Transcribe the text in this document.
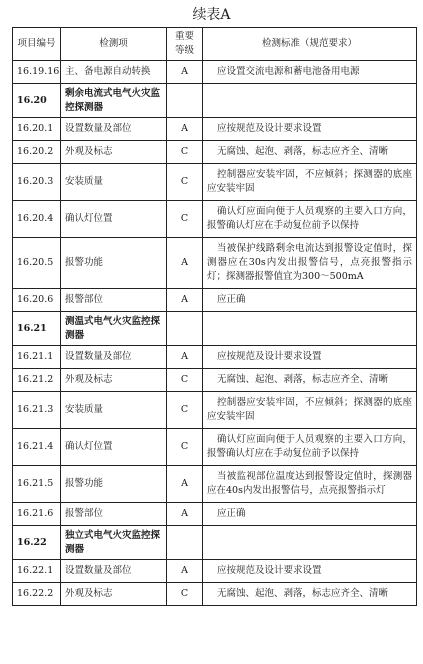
续表A
项目编号	检测项	重要等级	检测标准（规范要求）
16.19.16	主、备电源自动转换	A	应设置交流电源和蓄电池备用电源
16.20	剩余电流式电气火灾监控探测器		
16.20.1	设置数量及部位	A	应按规范及设计要求设置
16.20.2	外观及标志	C	无腐蚀、起泡、剥落，标志应齐全、清晰
16.20.3	安装质量	C	控制器应安装牢固，不应倾斜；探测器的底座应安装牢固
16.20.4	确认灯位置	C	确认灯应面向便于人员观察的主要入口方向，报警确认灯应在手动复位前予以保持
16.20.5	报警功能	A	当被保护线路剩余电流达到报警设定值时，探测器应在30s内发出报警信号，点亮报警指示灯；探测器报警值宜为300～500mA
16.20.6	报警部位	A	应正确
16.21	测温式电气火灾监控探测器		
16.21.1	设置数量及部位	A	应按规范及设计要求设置
16.21.2	外观及标志	C	无腐蚀、起泡、剥落，标志应齐全、清晰
16.21.3	安装质量	C	控制器应安装牢固，不应倾斜；探测器的底座应安装牢固
16.21.4	确认灯位置	C	确认灯应面向便于人员观察的主要入口方向，报警确认灯应在手动复位前予以保持
16.21.5	报警功能	A	当被监视部位温度达到报警设定值时，探测器应在40s内发出报警信号，点亮报警指示灯
16.21.6	报警部位	A	应正确
16.22	独立式电气火灾监控探测器		
16.22.1	设置数量及部位	A	应按规范及设计要求设置
16.22.2	外观及标志	C	无腐蚀、起泡、剥落，标志应齐全、清晰
